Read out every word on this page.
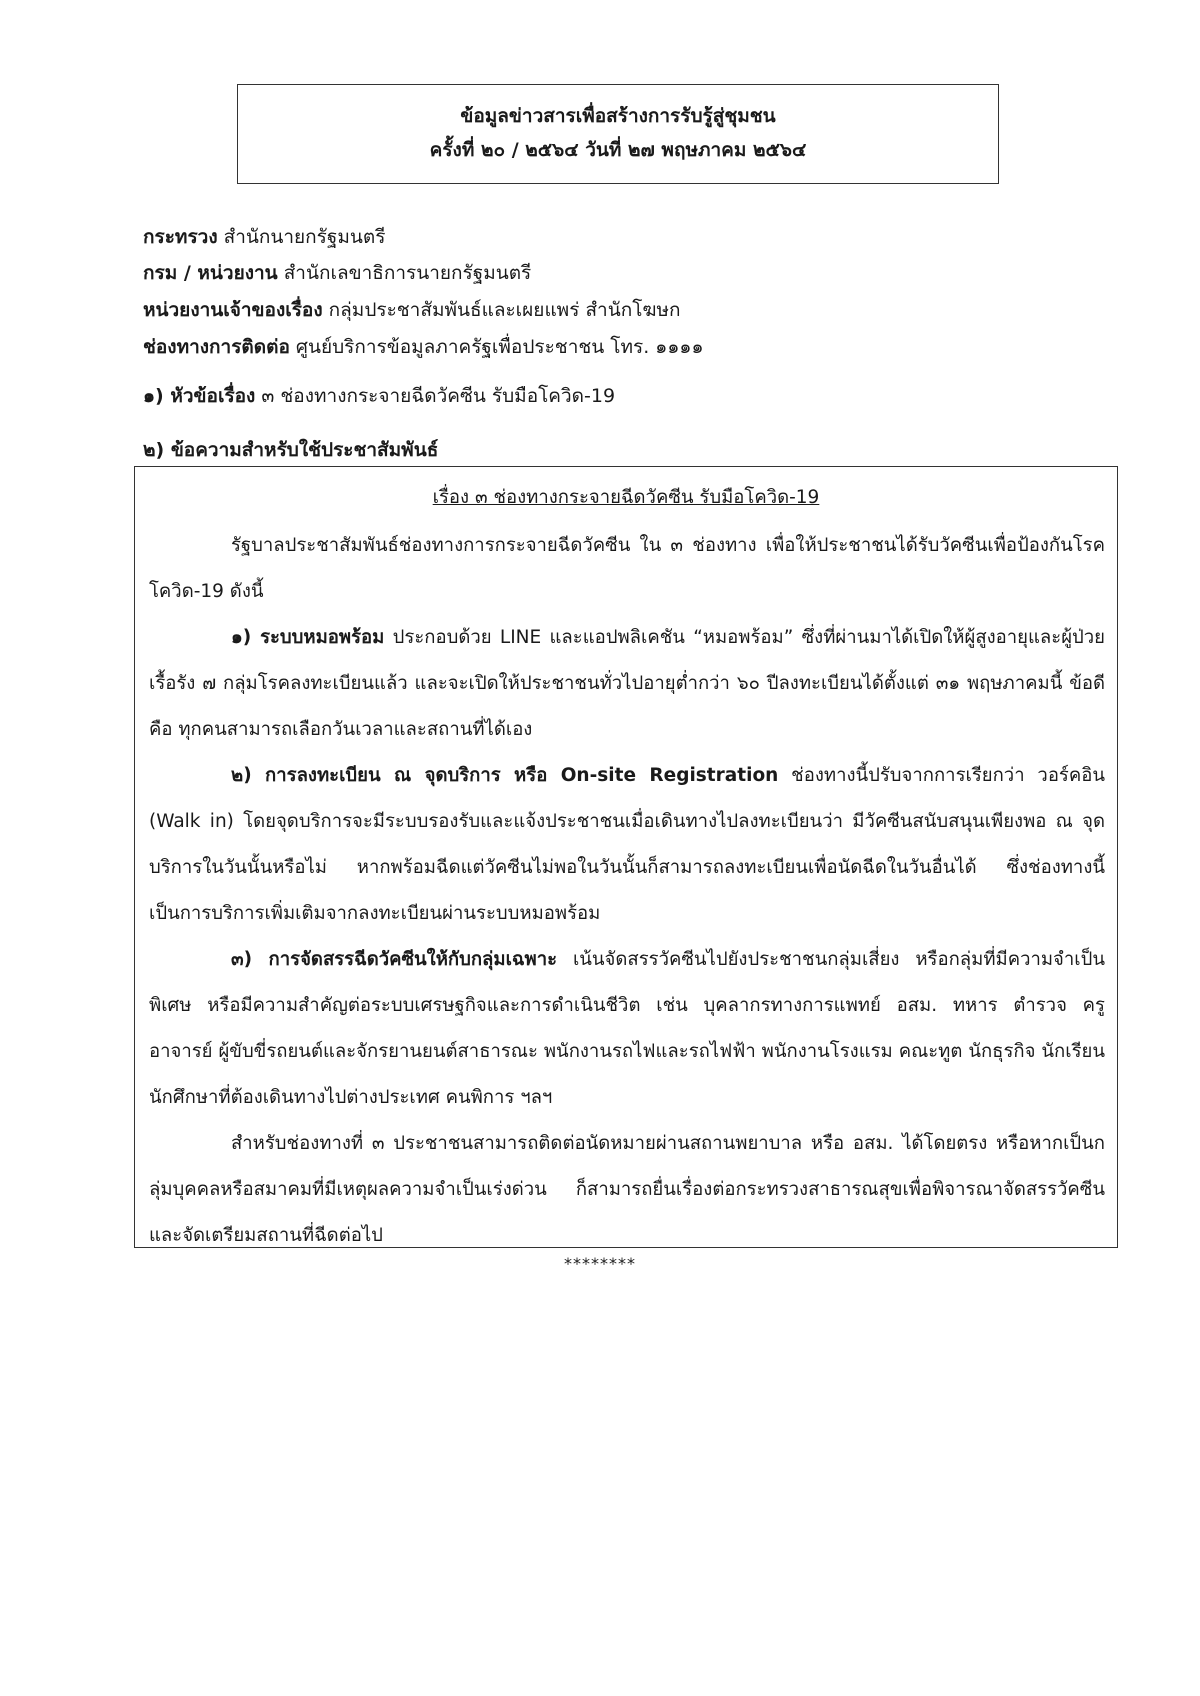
ข้อมูลข่าวสารเพื่อสร้างการรับรู้สู่ชุมชน

ครั้งที่ ๒๐ / ๒๕๖๔ วันที่ ๒๗ พฤษภาคม ๒๕๖๔

กระทรวง สำนักนายกรัฐมนตรี
กรม / หน่วยงาน สำนักเลขาธิการนายกรัฐมนตรี
หน่วยงานเจ้าของเรื่อง กลุ่มประชาสัมพันธ์และเผยแพร่ สำนักโฆษก
ช่องทางการติดต่อ ศูนย์บริการข้อมูลภาครัฐเพื่อประชาชน โทร. ๑๑๑๑
๑) หัวข้อเรื่อง ๓ ช่องทางกระจายฉีดวัคซีน รับมือโควิด-19
๒) ข้อความสำหรับใช้ประชาสัมพันธ์
เรื่อง ๓ ช่องทางกระจายฉีดวัคซีน รับมือโควิด-19

รัฐบาลประชาสัมพันธ์ช่องทางการกระจายฉีดวัคซีน ใน ๓ ช่องทาง เพื่อให้ประชาชนได้รับวัคซีนเพื่อป้องกันโรคโควิด-19 ดังนี้

๑) ระบบหมอพร้อม ประกอบด้วย LINE และแอปพลิเคชัน “หมอพร้อม” ซึ่งที่ผ่านมาได้เปิดให้ผู้สูงอายุและผู้ป่วยเรื้อรัง ๗ กลุ่มโรคลงทะเบียนแล้ว และจะเปิดให้ประชาชนทั่วไปอายุต่ำกว่า ๖๐ ปีลงทะเบียนได้ตั้งแต่ ๓๑ พฤษภาคมนี้ ข้อดีคือ ทุกคนสามารถเลือกวันเวลาและสถานที่ได้เอง

๒) การลงทะเบียน ณ จุดบริการ หรือ On-site Registration ช่องทางนี้ปรับจากการเรียกว่า วอร์คอิน (Walk in) โดยจุดบริการจะมีระบบรองรับและแจ้งประชาชนเมื่อเดินทางไปลงทะเบียนว่า มีวัคซีนสนับสนุนเพียงพอ ณ จุดบริการในวันนั้นหรือไม่ หากพร้อมฉีดแต่วัคซีนไม่พอในวันนั้นก็สามารถลงทะเบียนเพื่อนัดฉีดในวันอื่นได้ ซึ่งช่องทางนี้เป็นการบริการเพิ่มเติมจากลงทะเบียนผ่านระบบหมอพร้อม

๓) การจัดสรรฉีดวัคซีนให้กับกลุ่มเฉพาะ เน้นจัดสรรวัคซีนไปยังประชาชนกลุ่มเสี่ยง หรือกลุ่มที่มีความจำเป็นพิเศษ หรือมีความสำคัญต่อระบบเศรษฐกิจและการดำเนินชีวิต เช่น บุคลากรทางการแพทย์ อสม. ทหาร ตำรวจ ครู อาจารย์ ผู้ขับขี่รถยนต์และจักรยานยนต์สาธารณะ พนักงานรถไฟและรถไฟฟ้า พนักงานโรงแรม คณะทูต นักธุรกิจ นักเรียน นักศึกษาที่ต้องเดินทางไปต่างประเทศ คนพิการ ฯลฯ

สำหรับช่องทางที่ ๓ ประชาชนสามารถติดต่อนัดหมายผ่านสถานพยาบาล หรือ อสม. ได้โดยตรง หรือหากเป็นกลุ่มบุคคลหรือสมาคมที่มีเหตุผลความจำเป็นเร่งด่วน ก็สามารถยื่นเรื่องต่อกระทรวงสาธารณสุขเพื่อพิจารณาจัดสรรวัคซีนและจัดเตรียมสถานที่ฉีดต่อไป

********
